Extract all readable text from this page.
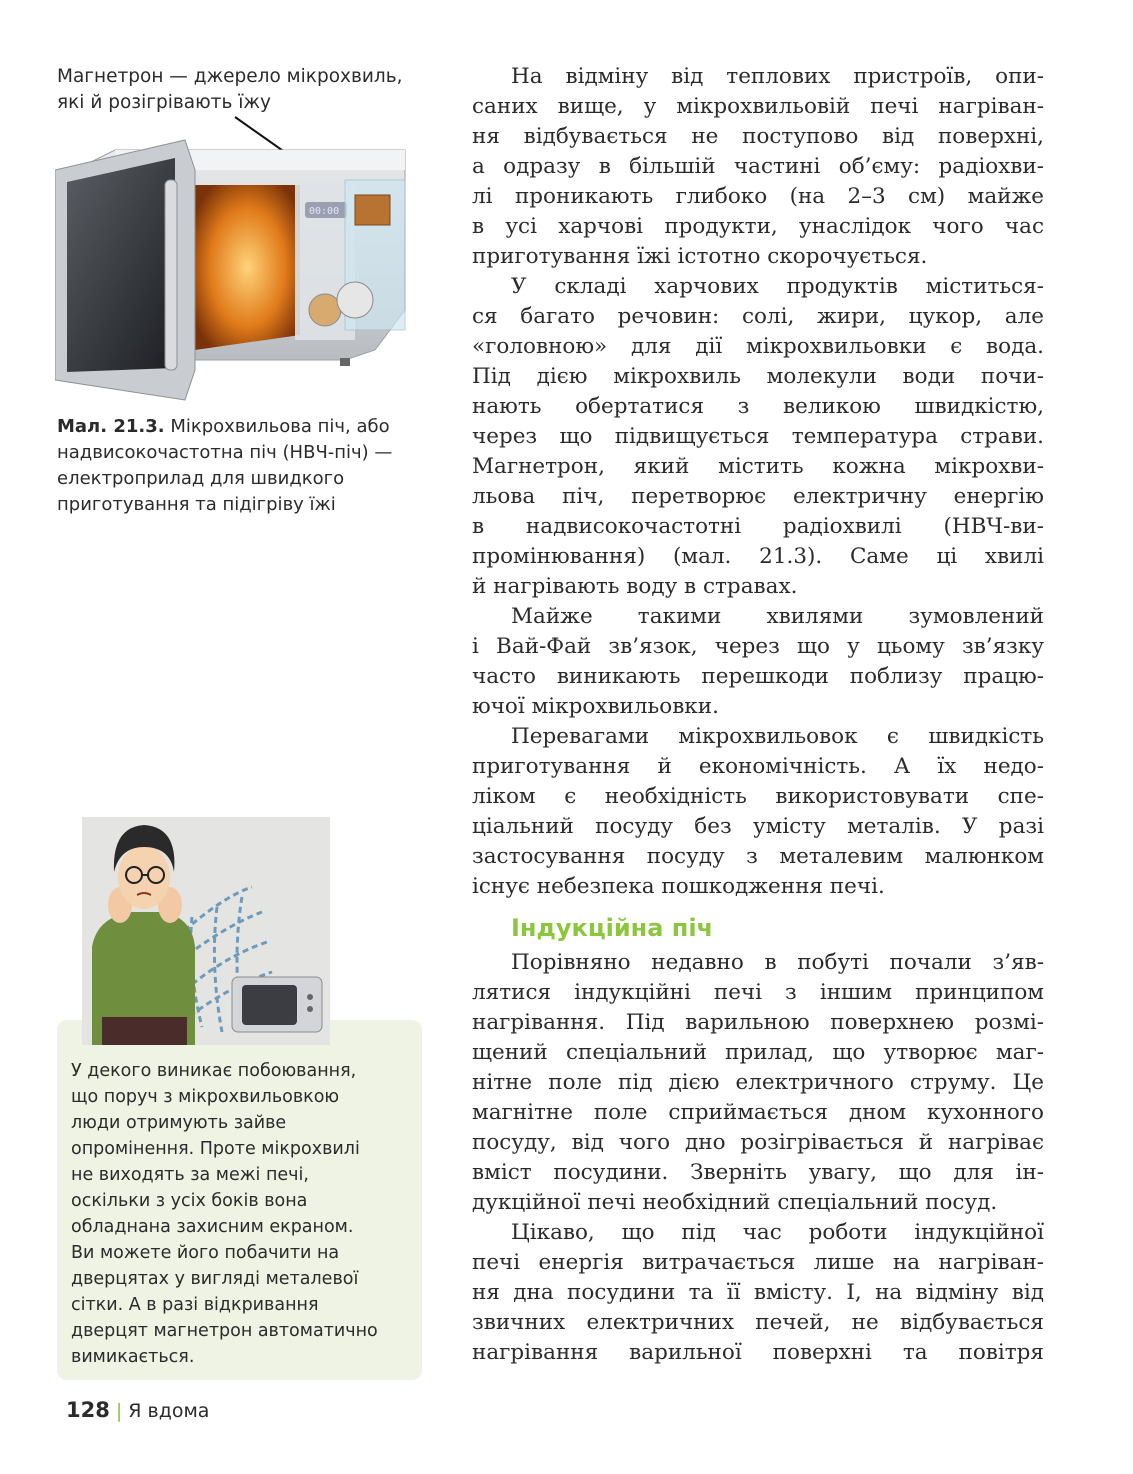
Магнетрон — джерело мікрохвиль,

які й розігрівають їжу

00:00

Мал. 21.3. Мікрохвильова піч, або

надвисокочастотна піч (НВЧ-піч) —

електроприлад для швидкого

приготування та підігріву їжі

У декого виникає побоювання,

що поруч з мікрохвильовкою

люди отримують зайве

опромінення. Проте мікрохвилі

не виходять за межі печі,

оскільки з усіх боків вона

обладнана захисним екраном.

Ви можете його побачити на

дверцятах у вигляді металевої

сітки. А в разі відкривання

дверцят магнетрон автоматично

вимикається.

На відміну від теплових пристроїв, опи-

саних вище, у мікрохвильовій печі нагріван-

ня відбувається не поступово від поверхні,

а одразу в більшій частині об’єму: радіохви-

лі проникають глибоко (на 2–3 см) майже

в усі харчові продукти, унаслідок чого час

приготування їжі істотно скорочується.

У складі харчових продуктів міститься-

ся багато речовин: солі, жири, цукор, але

«головною» для дії мікрохвильовки є вода.

Під дією мікрохвиль молекули води почи-

нають обертатися з великою швидкістю,

через що підвищується температура страви.

Магнетрон, який містить кожна мікрохви-

льова піч, перетворює електричну енергію

в надвисокочастотні радіохвилі (НВЧ-ви-

промінювання) (мал. 21.3). Саме ці хвилі

й нагрівають воду в стравах.

Майже такими хвилями зумовлений

і Вай-Фай зв’язок, через що у цьому зв’язку

часто виникають перешкоди поблизу працю-

ючої мікрохвильовки.

Перевагами мікрохвильовок є швидкість

приготування й економічність. А їх недо-

ліком є необхідність використовувати спе-

ціальний посуду без умісту металів. У разі

застосування посуду з металевим малюнком

існує небезпека пошкодження печі.

Індукційна піч

Порівняно недавно в побуті почали з’яв-

лятися індукційні печі з іншим принципом

нагрівання. Під варильною поверхнею розмі-

щений спеціальний прилад, що утворює маг-

нітне поле під дією електричного струму. Це

магнітне поле сприймається дном кухонного

посуду, від чого дно розігрівається й нагріває

вміст посудини. Зверніть увагу, що для ін-

дукційної печі необхідний спеціальний посуд.

Цікаво, що під час роботи індукційної

печі енергія витрачається лише на нагріван-

ня дна посудини та її вмісту. І, на відміну від

звичних електричних печей, не відбувається

нагрівання варильної поверхні та повітря

128 | Я вдома
